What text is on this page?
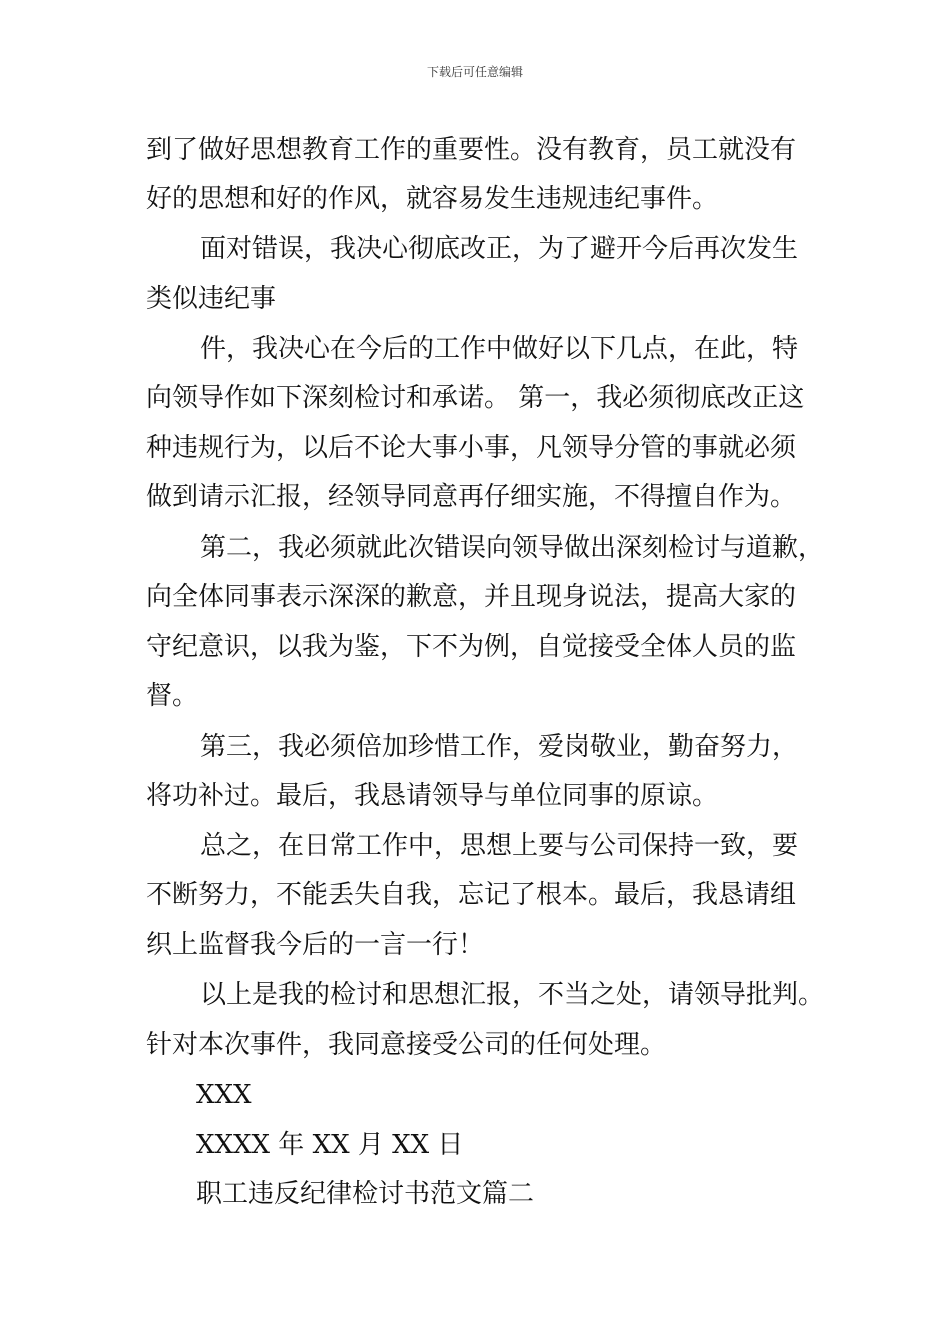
下载后可任意编辑
到了做好思想教育工作的重要性。没有教育，员工就没有
好的思想和好的作风，就容易发生违规违纪事件。
面对错误，我决心彻底改正，为了避开今后再次发生
类似违纪事
件，我决心在今后的工作中做好以下几点，在此，特
向领导作如下深刻检讨和承诺。 第一，我必须彻底改正这
种违规行为，以后不论大事小事，凡领导分管的事就必须
做到请示汇报，经领导同意再仔细实施，不得擅自作为。
第二，我必须就此次错误向领导做出深刻检讨与道歉，
向全体同事表示深深的歉意，并且现身说法，提高大家的
守纪意识，以我为鉴，下不为例，自觉接受全体人员的监
督。
第三，我必须倍加珍惜工作，爱岗敬业，勤奋努力，
将功补过。最后，我恳请领导与单位同事的原谅。
总之，在日常工作中，思想上要与公司保持一致，要
不断努力，不能丢失自我，忘记了根本。最后，我恳请组
织上监督我今后的一言一行！
以上是我的检讨和思想汇报，不当之处，请领导批判。
针对本次事件，我同意接受公司的任何处理。
XXX
XXXX 年 XX 月 XX 日
职工违反纪律检讨书范文篇二
